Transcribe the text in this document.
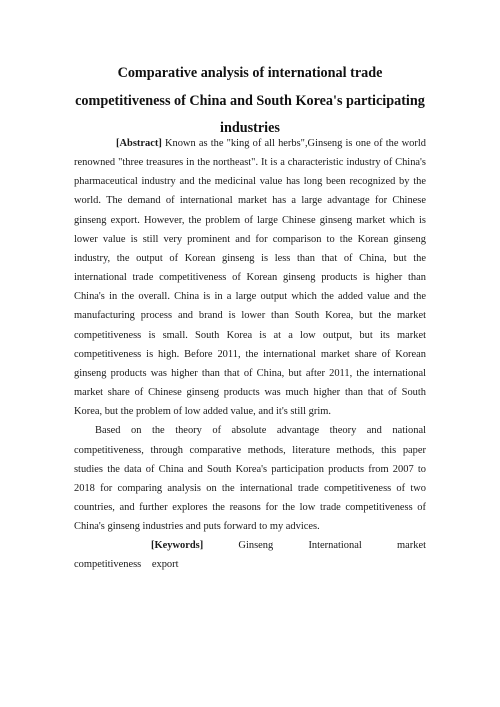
Comparative analysis of international trade
competitiveness of China and South Korea's participating
industries

[Abstract] Known as the "king of all herbs",Ginseng is one of the world renowned "three treasures in the northeast". It is a characteristic industry of China's pharmaceutical industry and the medicinal value has long been recognized by the world. The demand of international market has a large advantage for Chinese ginseng export. However, the problem of large Chinese ginseng market which is lower value is still very prominent and for comparison to the Korean ginseng industry, the output of Korean ginseng is less than that of China, but the international trade competitiveness of Korean ginseng products is higher than China's in the overall. China is in a large output which the added value and the manufacturing process and brand is lower than South Korea, but the market competitiveness is small. South Korea is at a low output, but its market competitiveness is high. Before 2011, the international market share of Korean ginseng products was higher than that of China, but after 2011, the international market share of Chinese ginseng products was much higher than that of South Korea, but the problem of low added value, and it's still grim.

Based on the theory of absolute advantage theory and national competitiveness, through comparative methods, literature methods, this paper studies the data of China and South Korea's participation products from 2007 to 2018 for comparing analysis on the international trade competitiveness of two countries, and further explores the reasons for the low trade competitiveness of China's ginseng industries and puts forward to my advices.

[Keywords] Ginseng International market competitiveness export
